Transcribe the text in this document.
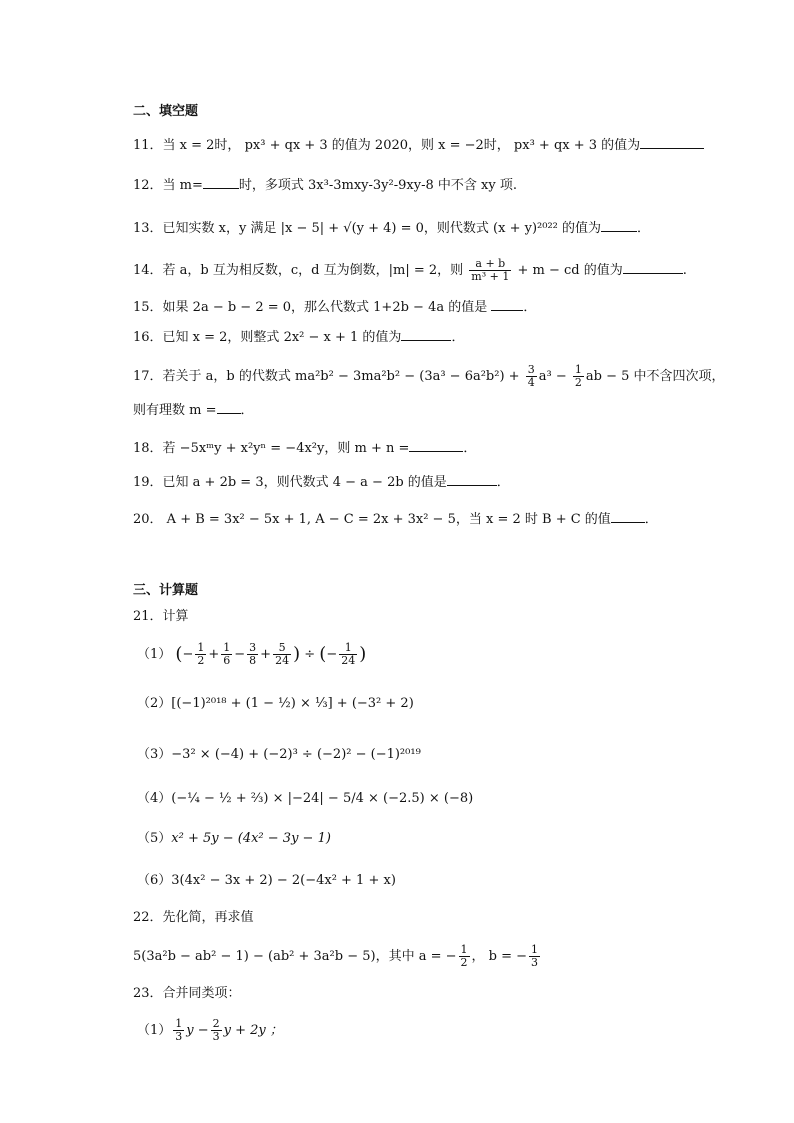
二、填空题
11．当 x = 2时， px³ + qx + 3 的值为 2020，则 x = −2时， px³ + qx + 3 的值为
12．当 m=	时，多项式 3x³-3mxy-3y²-9xy-8 中不含 xy 项.
13．已知实数 x，y 满足 |x − 5| + √(y + 4) = 0，则代数式 (x + y)²⁰²² 的值为	．
14．若 a，b 互为相反数，c，d 互为倒数，|m| = 2，则 $\frac{a + b}{\text{m³ + 1}} + m$ − cd 的值为	.
15．如果 2a − b − 2 = 0，那么代数式 1+2b − 4a 的值是	．
16．已知 x = 2，则整式 2x² − x + 1 的值为	．
17．若关于 a，b 的代数式 $ma^2b^2 - 3ma^2b^2 - (3a^3 - 6a^2b^2) + \frac{3}{4} a^3 - \frac{1}{2}$ ab − 5 中不含四次项，
则有理数 m = ．
18．若 −5xᵐy + x²yⁿ = −4x²y，则 m + n =	．
19．已知 a + 2b = 3，则代数式 4 − a − 2b 的值是	．
20． A + B = 3x² − 5x + 1, A − C = 2x + 3x² − 5，当 x = 2 时 B + C 的值	．
三、计算题
21．计算
（1） (− $\frac{1}{2} + \frac{1}{6} - \frac{3}{8} + \frac{5}{24}$ ) ÷ (− $\frac{1}{24}$ )
（2）[(−1)²⁰¹⁸ + (1 − ½) × ⅓] + (−3² + 2)
（3）−3² × (−4) + (−2)³ ÷ (−2)² − (−1)²⁰¹⁹
（4）(−¼ − ½ + ⅔) × |−24| − 5/4 × (−2.5) × (−8)
（5）x² + 5y − (4x² − 3y − 1)
（6）3(4x² − 3x + 2) − 2(−4x² + 1 + x)
22．先化简，再求值
5(3a²b − ab² − 1) − (ab² + 3a²b − 5)，其中 a = − $\frac{1}{2}$ ， b = − $\frac{1}{3}$
23．合并同类项：
$(1) \frac{1}{3}$ $y - \frac{2}{3}$ y + 2y ；
